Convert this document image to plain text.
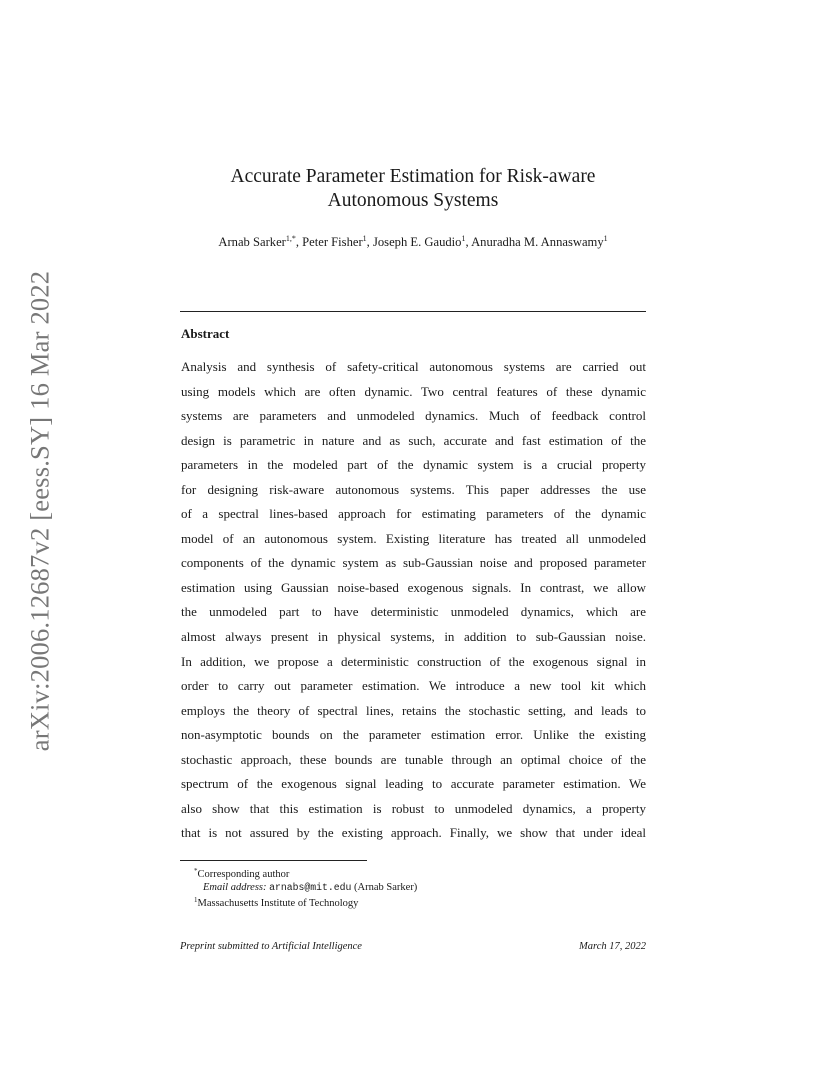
arXiv:2006.12687v2 [eess.SY] 16 Mar 2022
Accurate Parameter Estimation for Risk-aware
Autonomous Systems
Arnab Sarker$^{1,*}$, Peter Fisher$^1$, Joseph E. Gaudio$^1$, Anuradha M. Annaswamy$^1$
Abstract
Analysis and synthesis of safety-critical autonomous systems are carried out
using models which are often dynamic. Two central features of these dynamic
systems are parameters and unmodeled dynamics. Much of feedback control
design is parametric in nature and as such, accurate and fast estimation of the
parameters in the modeled part of the dynamic system is a crucial property
for designing risk-aware autonomous systems. This paper addresses the use
of a spectral lines-based approach for estimating parameters of the dynamic
model of an autonomous system. Existing literature has treated all unmodeled
components of the dynamic system as sub-Gaussian noise and proposed parameter
estimation using Gaussian noise-based exogenous signals. In contrast, we allow
the unmodeled part to have deterministic unmodeled dynamics, which are
almost always present in physical systems, in addition to sub-Gaussian noise.
In addition, we propose a deterministic construction of the exogenous signal in
order to carry out parameter estimation. We introduce a new tool kit which
employs the theory of spectral lines, retains the stochastic setting, and leads to
non-asymptotic bounds on the parameter estimation error. Unlike the existing
stochastic approach, these bounds are tunable through an optimal choice of the
spectrum of the exogenous signal leading to accurate parameter estimation. We
also show that this estimation is robust to unmodeled dynamics, a property
that is not assured by the existing approach. Finally, we show that under ideal
*Corresponding author
Email address: arnabs@mit.edu (Arnab Sarker)
$^1$Massachusetts Institute of Technology
Preprint submitted to Artificial Intelligence	March 17, 2022
